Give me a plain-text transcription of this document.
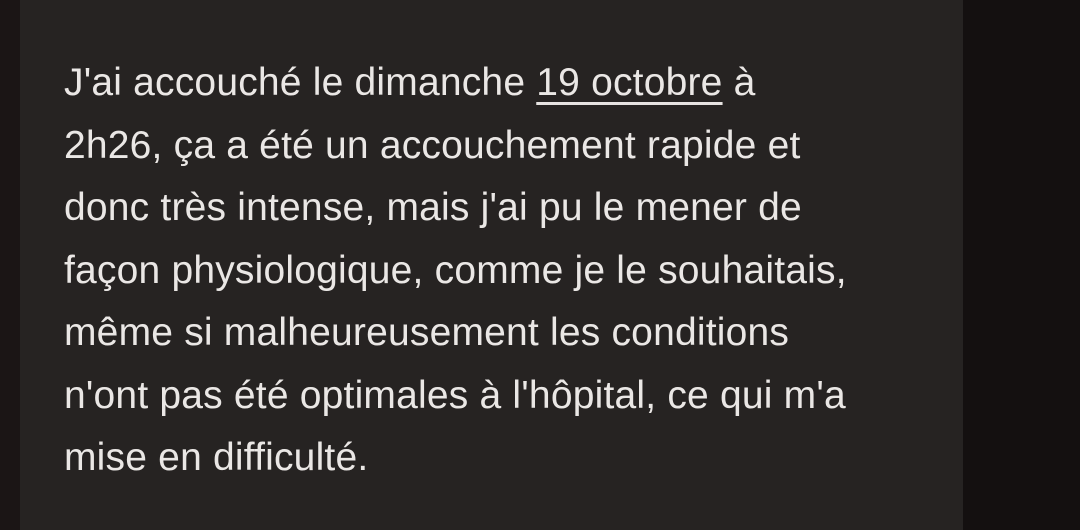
J'ai accouché le dimanche 19 octobre à
2h26, ça a été un accouchement rapide et
donc très intense, mais j'ai pu le mener de
façon physiologique, comme je le souhaitais,
même si malheureusement les conditions
n'ont pas été optimales à l'hôpital, ce qui m'a
mise en difficulté.
